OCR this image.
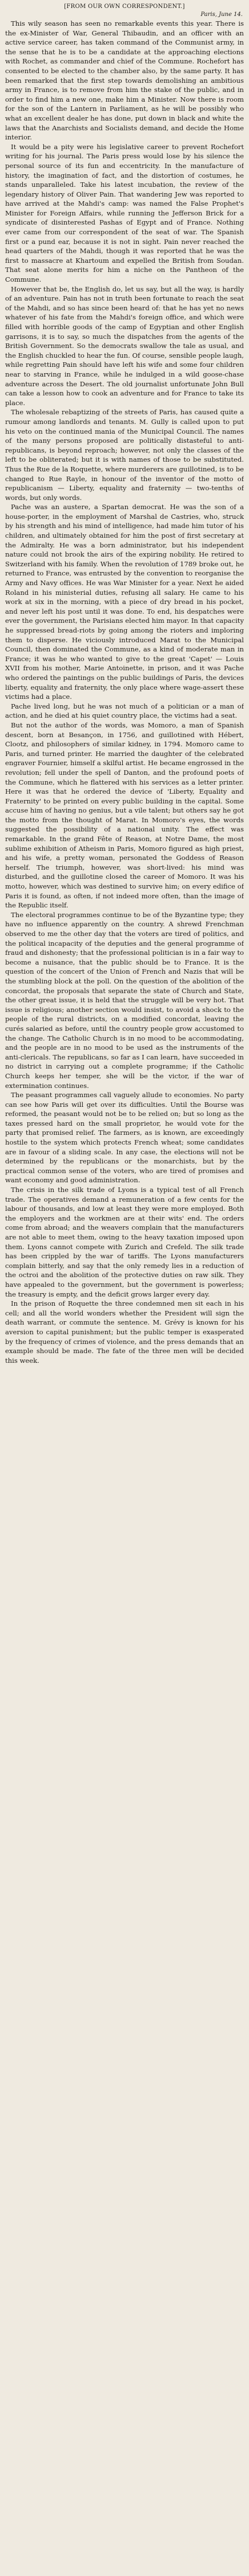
[FROM OUR OWN CORRESPONDENT.]
Paris, June 14.

This wily season has seen no remarkable events this year. There is the ex-Minister of War, General Thibaudin, and an officer with an active service career, has taken command of the Communist army, in the sense that he is to be a candidate at the approaching elections with Rochet, as commander and chief of the Commune. Rochefort has consented to be elected to the chamber also, by the same party. It has been remarked that the first step towards demolishing an ambitious army in France, is to remove from him the stake of the public, and in order to find him a new one, make him a Minister. Now there is room for the son of the Lantern in Parliament, as he will be possibly who what an excellent dealer he has done, put down in black and white the laws that the Anarchists and Socialists demand, and decide the Home interior.

It would be a pity were his legislative career to prevent Rochefort writing for his journal. The Paris press would lose by his silence the personal source of its fun and eccentricity. In the manufacture of history, the imagination of fact, and the distortion of costumes, he stands unparalleled. Take his latest incubation, the review of the legendary history of Oliver Pain. That wandering Jew was reported to have arrived at the Mahdi's camp: was named the False Prophet's Minister for Foreign Affairs, while running the Jefferson Brick for a syndicate of disinterested Pashas of Egypt and of France. Nothing ever came from our correspondent of the seat of war. The Spanish first or a pund ear, because it is not in sight. Pain never reached the head quarters of the Mahdi, though it was reported that he was the first to massacre at Khartoum and expelled the British from Soudan. That seat alone merits for him a niche on the Pantheon of the Commune.

However that be, the English do, let us say, but all the way, is hardly of an adventure. Pain has not in truth been fortunate to reach the seat of the Mahdi, and so has since been heard of: that he has yet no news whatever of his fate from the Mahdi's foreign office, and which were filled with horrible goods of the camp of Egyptian and other English garrisons, it is to say, so much the dispatches from the agents of the British Government. So the democrats swallow the tale as usual, and the English chuckled to hear the fun. Of course, sensible people laugh, while regretting Pain should have left his wife and some four children near to starving in France, while he indulged in a wild goose-chase adventure across the Desert. The old journalist unfortunate John Bull can take a lesson how to cook an adventure and for France to take its place.

The wholesale rebaptizing of the streets of Paris, has caused quite a rumour among landlords and tenants. M. Gully is called upon to put his veto on the continued mania of the Municipal Council. The names of the many persons proposed are politically distasteful to anti-republicans, is beyond reproach; however, not only the classes of the left to be obliterated; but it is with names of those to be substituted. Thus the Rue de la Roquette, where murderers are guillotined, is to be changed to Rue Rayle, in honour of the inventor of the motto of republicanism — Liberty, equality and fraternity — two-tenths of words, but only words.

Pache was an austere, a Spartan democrat. He was the son of a house-porter, in the employment of Marshal de Castries, who, struck by his strength and his mind of intelligence, had made him tutor of his children, and ultimately obtained for him the post of first secretary at the Admiralty. He was a born administrator, but his independent nature could not brook the airs of the expiring nobility. He retired to Switzerland with his family. When the revolution of 1789 broke out, he returned to France, was entrusted by the convention to reorganise the Army and Navy offices. He was War Minister for a year. Next he aided Roland in his ministerial duties, refusing all salary. He came to his work at six in the morning, with a piece of dry bread in his pocket, and never left his post until it was done. To end, his despatches were ever the government, the Parisians elected him mayor. In that capacity he suppressed bread-riots by going among the rioters and imploring them to disperse. He viciously introduced Marat to the Municipal Council, then dominated the Commune, as a kind of moderate man in France; it was he who wanted to give to the great 'Capet' — Louis XVII from his mother, Marie Antoinette, in prison, and it was Pache who ordered the paintings on the public buildings of Paris, the devices liberty, equality and fraternity, the only place where wage-assert these victims had a place.

Pache lived long, but he was not much of a politician or a man of action, and he died at his quiet country place, the victims had a seat.

But not the author of the words, was Momoro, a man of Spanish descent, born at Besançon, in 1756, and guillotined with Hébert, Clootz, and philosophers of similar kidney, in 1794. Momoro came to Paris, and turned printer. He married the daughter of the celebrated engraver Fournier, himself a skilful artist. He became engrossed in the revolution; fell under the spell of Danton, and the profound poets of the Commune, which he flattered with his services as a letter printer. Here it was that he ordered the device of 'Liberty, Equality and Fraternity' to be printed on every public building in the capital. Some accuse him of having no genius, but a vile talent; but others say he got the motto from the thought of Marat. In Momoro's eyes, the words suggested the possibility of a national unity. The effect was remarkable. In the grand Fête of Reason, at Notre Dame, the most sublime exhibition of Atheism in Paris, Momoro figured as high priest, and his wife, a pretty woman, personated the Goddess of Reason herself. The triumph, however, was short-lived: his mind was disturbed, and the guillotine closed the career of Momoro. It was his motto, however, which was destined to survive him; on every edifice of Paris it is found, as often, if not indeed more often, than the image of the Republic itself.

The electoral programmes continue to be of the Byzantine type; they have no influence apparently on the country. A shrewd Frenchman observed to me the other day that the voters are tired of politics, and the political incapacity of the deputies and the general programme of fraud and dishonesty; that the professional politician is in a fair way to become a nuisance, that the public should be to France. It is the question of the concert of the Union of French and Nazis that will be the stumbling block at the poll. On the question of the abolition of the concordat, the proposals that separate the state of Church and State, the other great issue, it is held that the struggle will be very hot. That issue is religious; another section would insist, to avoid a shock to the people of the rural districts, on a modified concordat, leaving the curés salaried as before, until the country people grow accustomed to the change. The Catholic Church is in no mood to be accommodating, and the people are in no mood to be used as the instruments of the anti-clericals. The republicans, so far as I can learn, have succeeded in no district in carrying out a complete programme; if the Catholic Church keeps her temper, she will be the victor, if the war of extermination continues.

The peasant programmes call vaguely allude to economies. No party can see how Paris will get over its difficulties. Until the Bourse was reformed, the peasant would not be to be relied on; but so long as the taxes pressed hard on the small proprietor, he would vote for the party that promised relief. The farmers, as is known, are exceedingly hostile to the system which protects French wheat; some candidates are in favour of a sliding scale. In any case, the elections will not be determined by the republicans or the monarchists, but by the practical common sense of the voters, who are tired of promises and want economy and good administration.

The crisis in the silk trade of Lyons is a typical test of all French trade. The operatives demand a remuneration of a few cents for the labour of thousands, and low at least they were more employed. Both the employers and the workmen are at their wits' end. The orders come from abroad; and the weavers complain that the manufacturers are not able to meet them, owing to the heavy taxation imposed upon them. Lyons cannot compete with Zurich and Crefeld. The silk trade has been crippled by the war of tariffs. The Lyons manufacturers complain bitterly, and say that the only remedy lies in a reduction of the octroi and the abolition of the protective duties on raw silk. They have appealed to the government, but the government is powerless; the treasury is empty, and the deficit grows larger every day.

In the prison of Roquette the three condemned men sit each in his cell; and all the world wonders whether the President will sign the death warrant, or commute the sentence. M. Grévy is known for his aversion to capital punishment; but the public temper is exasperated by the frequency of crimes of violence, and the press demands that an example should be made. The fate of the three men will be decided this week.
